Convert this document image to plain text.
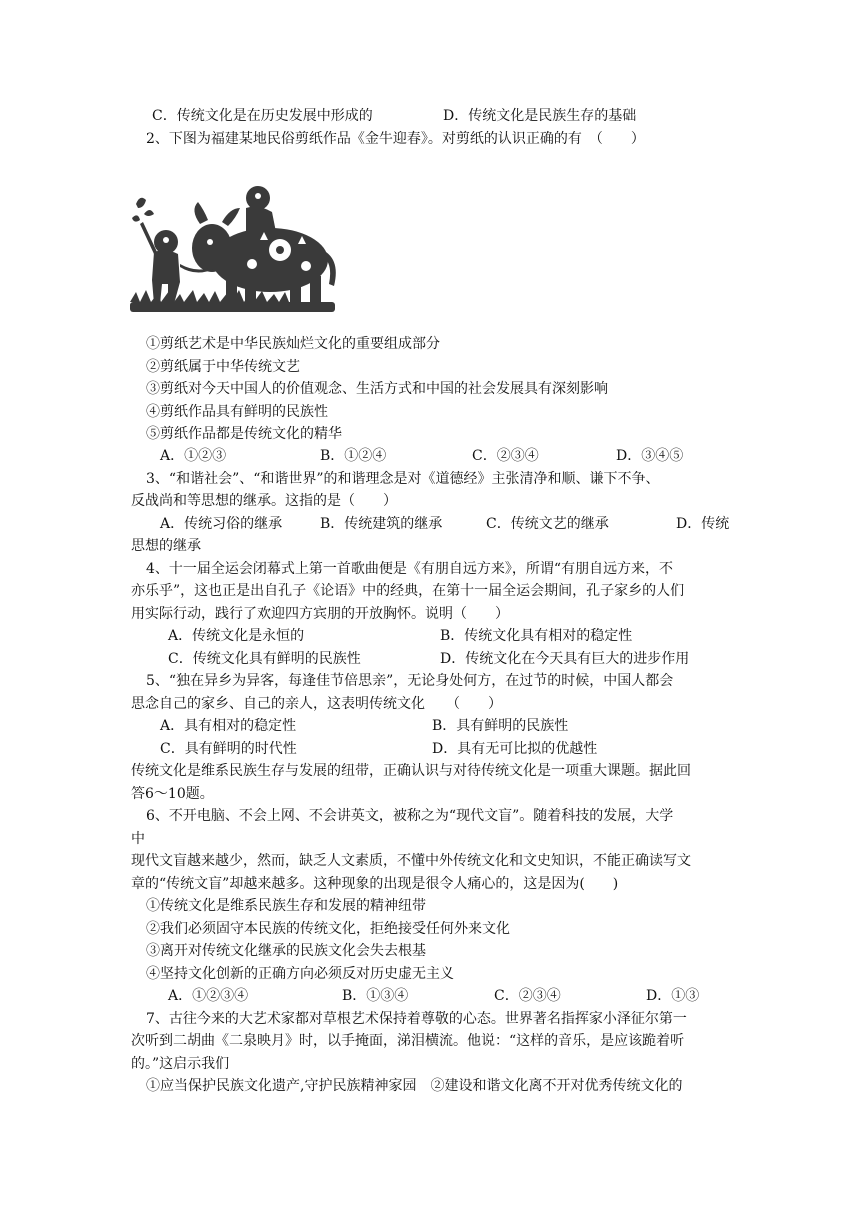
C．传统文化是在历史发展中形成的	D．传统文化是民族生存的基础
2、下图为福建某地民俗剪纸作品《金牛迎春》。对剪纸的认识正确的有　（　　）
①剪纸艺术是中华民族灿烂文化的重要组成部分
②剪纸属于中华传统文艺
③剪纸对今天中国人的价值观念、生活方式和中国的社会发展具有深刻影响
④剪纸作品具有鲜明的民族性
⑤剪纸作品都是传统文化的精华
A．①②③	B．①②④	C．②③④	D．③④⑤
3、“和谐社会”、“和谐世界”的和谐理念是对《道德经》主张清净和顺、谦下不争、
反战尚和等思想的继承。这指的是（　　）
A．传统习俗的继承	B．传统建筑的继承	C．传统文艺的继承	D．传统
思想的继承
4、十一届全运会闭幕式上第一首歌曲便是《有朋自远方来》，所谓“有朋自远方来，不
亦乐乎”，这也正是出自孔子《论语》中的经典，在第十一届全运会期间，孔子家乡的人们
用实际行动，践行了欢迎四方宾朋的开放胸怀。说明（　　）
A．传统文化是永恒的	B．传统文化具有相对的稳定性
C．传统文化具有鲜明的民族性	D．传统文化在今天具有巨大的进步作用
5、“独在异乡为异客，每逢佳节倍思亲”，无论身处何方，在过节的时候，中国人都会
思念自己的家乡、自己的亲人，这表明传统文化　　（　　）
A．具有相对的稳定性	B．具有鲜明的民族性
C．具有鲜明的时代性	D．具有无可比拟的优越性
传统文化是维系民族生存与发展的纽带，正确认识与对待传统文化是一项重大课题。据此回
答6～10题。
6、不开电脑、不会上网、不会讲英文，被称之为“现代文盲”。随着科技的发展，大学
中
现代文盲越来越少，然而，缺乏人文素质，不懂中外传统文化和文史知识，不能正确读写文
章的“传统文盲”却越来越多。这种现象的出现是很令人痛心的，这是因为(　　)
①传统文化是维系民族生存和发展的精神纽带
②我们必须固守本民族的传统文化，拒绝接受任何外来文化
③离开对传统文化继承的民族文化会失去根基
④坚持文化创新的正确方向必须反对历史虚无主义
A．①②③④	B．①③④	C．②③④	D．①③
7、古往今来的大艺术家都对草根艺术保持着尊敬的心态。世界著名指挥家小泽征尔第一
次听到二胡曲《二泉映月》时，以手掩面，涕泪横流。他说：“这样的音乐，是应该跪着听
的。”这启示我们
①应当保护民族文化遗产,守护民族精神家园　②建设和谐文化离不开对优秀传统文化的
